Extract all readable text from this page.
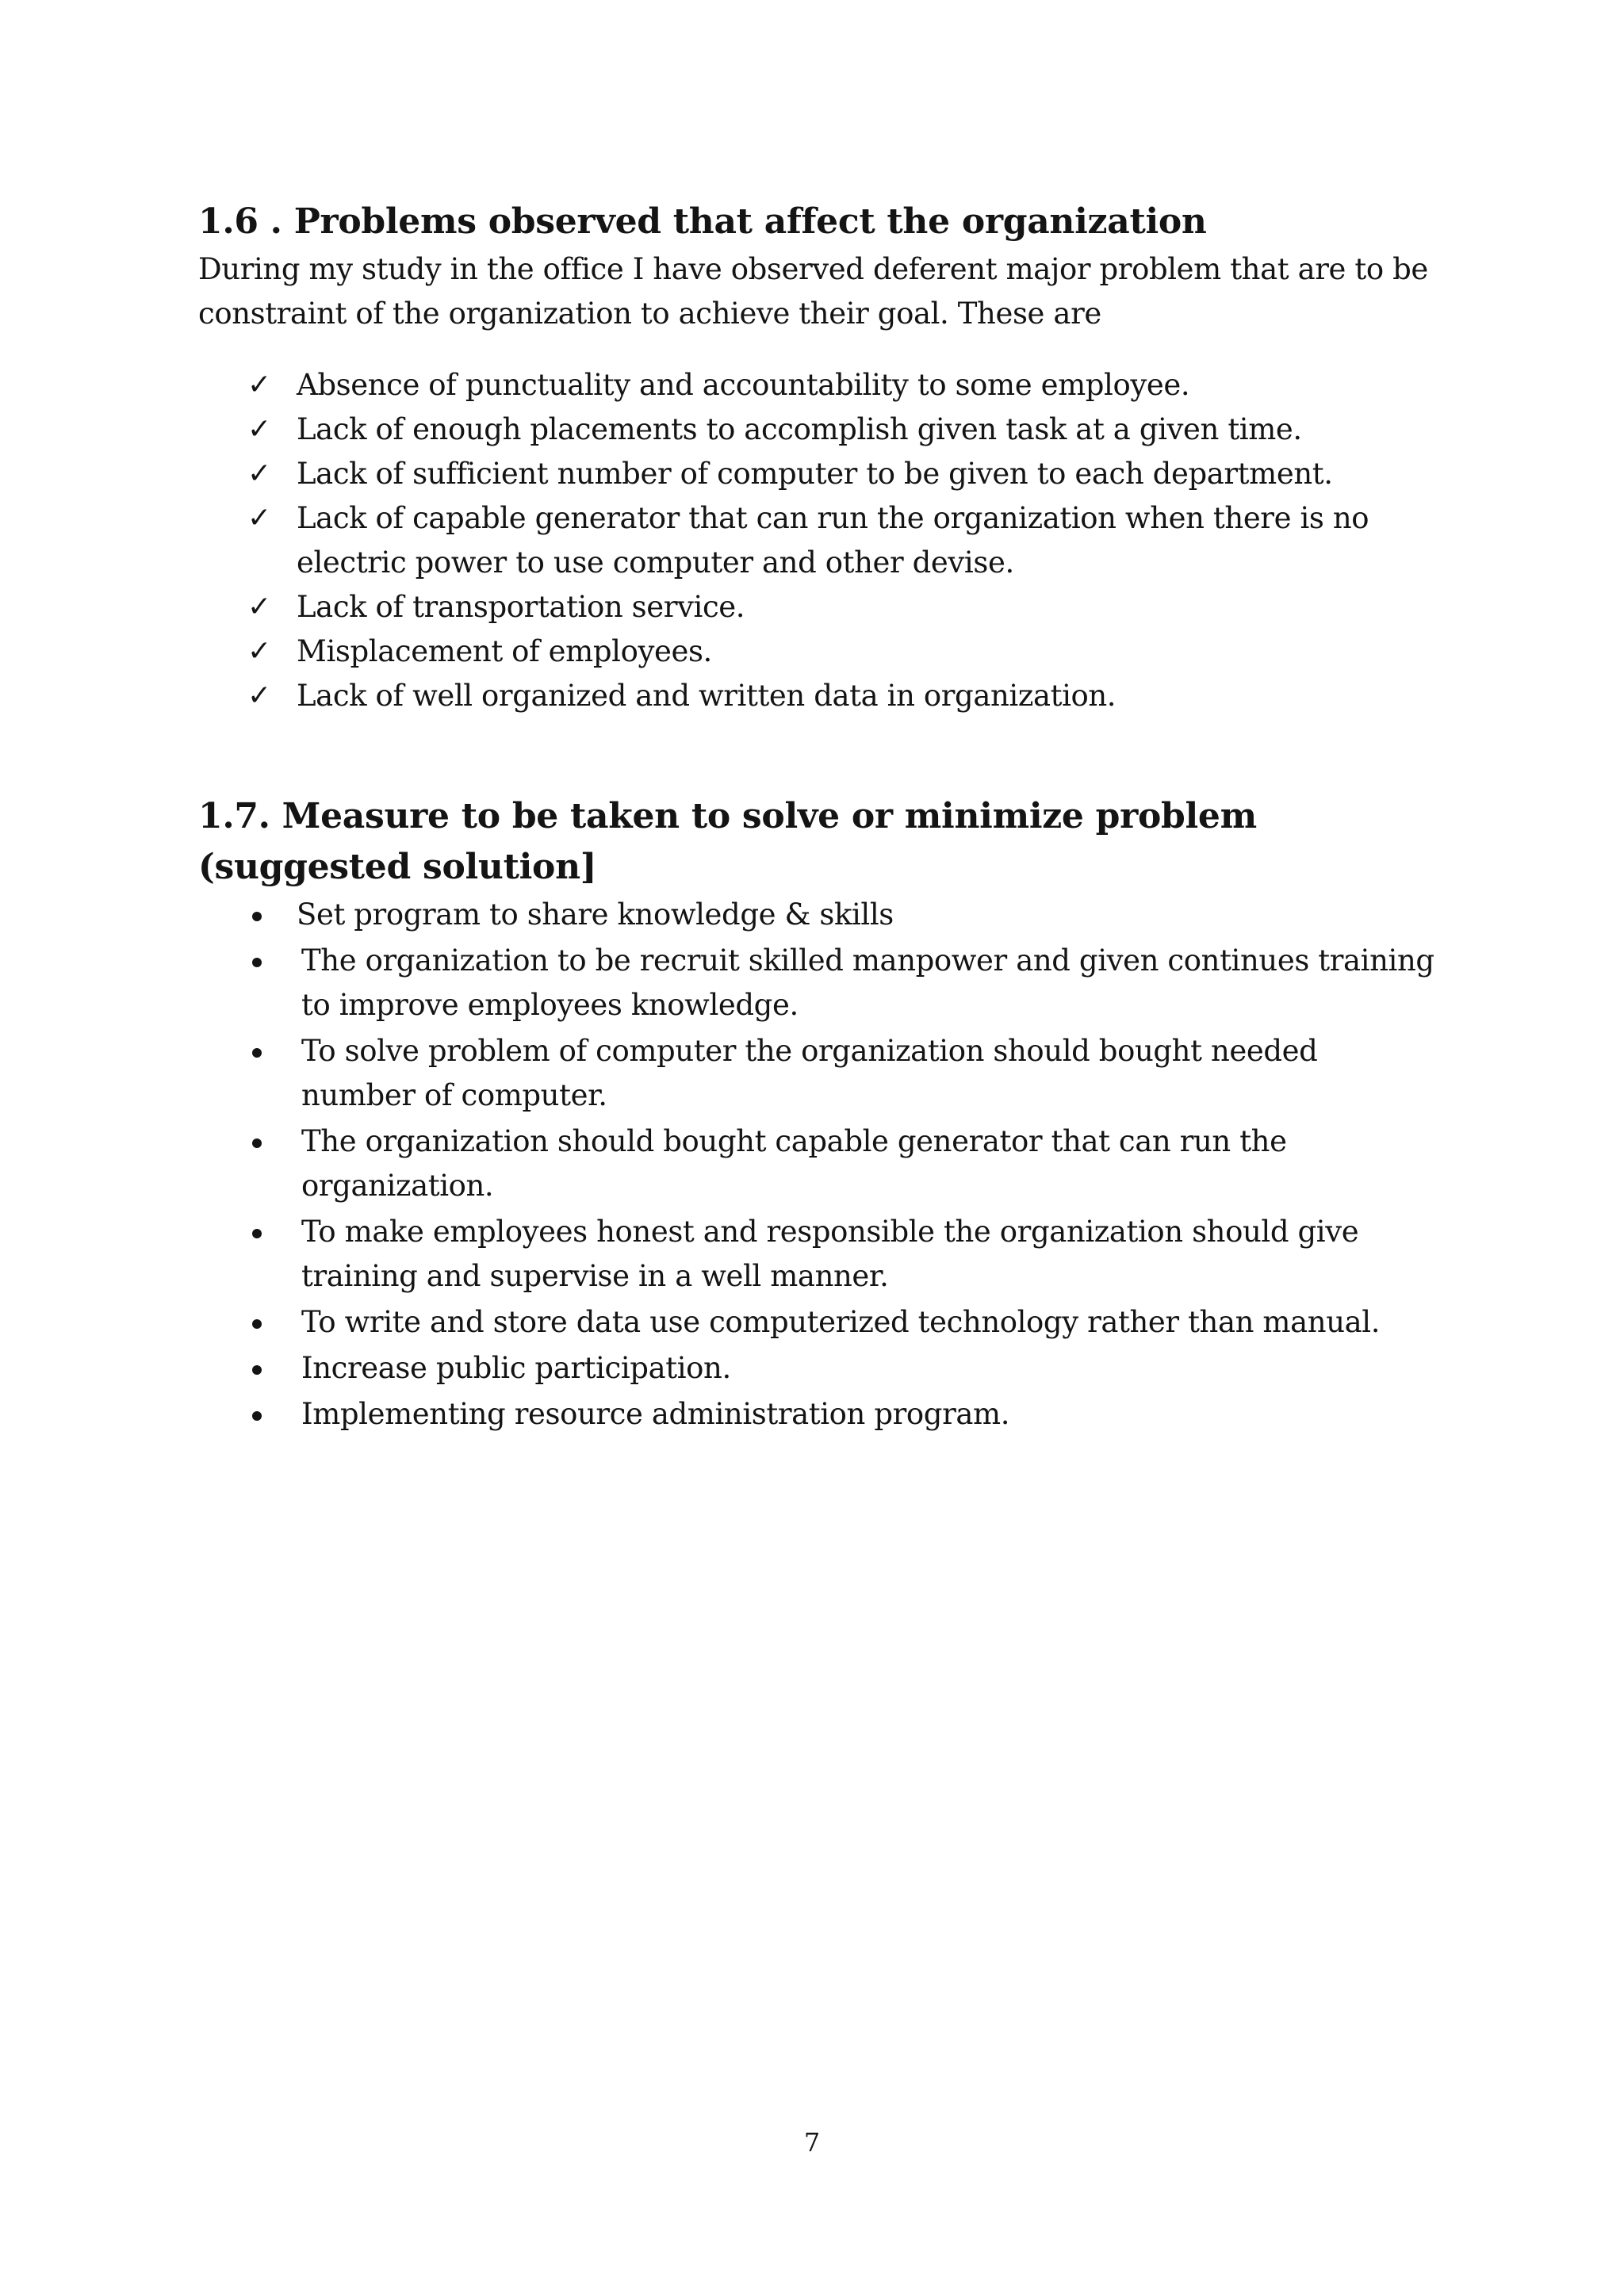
1.6 . Problems observed that affect the organization

During my study in the office I have observed deferent major problem that are to be constraint of the organization to achieve their goal. These are

✓ Absence of punctuality and accountability to some employee.
✓ Lack of enough placements to accomplish given task at a given time.
✓ Lack of sufficient number of computer to be given to each department.
✓ Lack of capable generator that can run the organization when there is no electric power to use computer and other devise.
✓ Lack of transportation service.
✓ Misplacement of employees.
✓ Lack of well organized and written data in organization.
1.7. Measure to be taken to solve or minimize problem (suggested solution]
Set program to share knowledge & skills
The organization to be recruit skilled manpower and given continues training to improve employees knowledge.
To solve problem of computer the organization should bought needed number of computer.
The organization should bought capable generator that can run the organization.
To make employees honest and responsible the organization should give training and supervise in a well manner.
To write and store data use computerized technology rather than manual.
Increase public participation.
Implementing resource administration program.
7
